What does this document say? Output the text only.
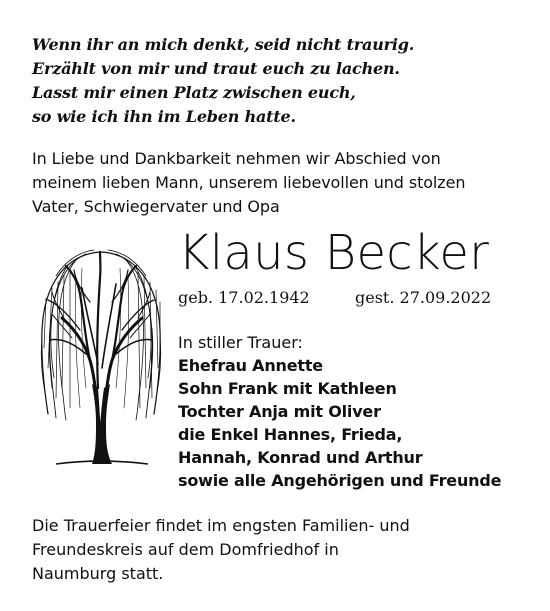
Wenn ihr an mich denkt, seid nicht traurig.
Erzählt von mir und traut euch zu lachen.
Lasst mir einen Platz zwischen euch,
so wie ich ihn im Leben hatte.
In Liebe und Dankbarkeit nehmen wir Abschied von
meinem lieben Mann, unserem liebevollen und stolzen
Vater, Schwiegervater und Opa
Klaus Becker
geb. 17.02.1942	gest. 27.09.2022
In stiller Trauer:
Ehefrau Annette
Sohn Frank mit Kathleen
Tochter Anja mit Oliver
die Enkel Hannes, Frieda,
Hannah, Konrad und Arthur
sowie alle Angehörigen und Freunde
Die Trauerfeier findet im engsten Familien- und
Freundeskreis auf dem Domfriedhof in
Naumburg statt.
